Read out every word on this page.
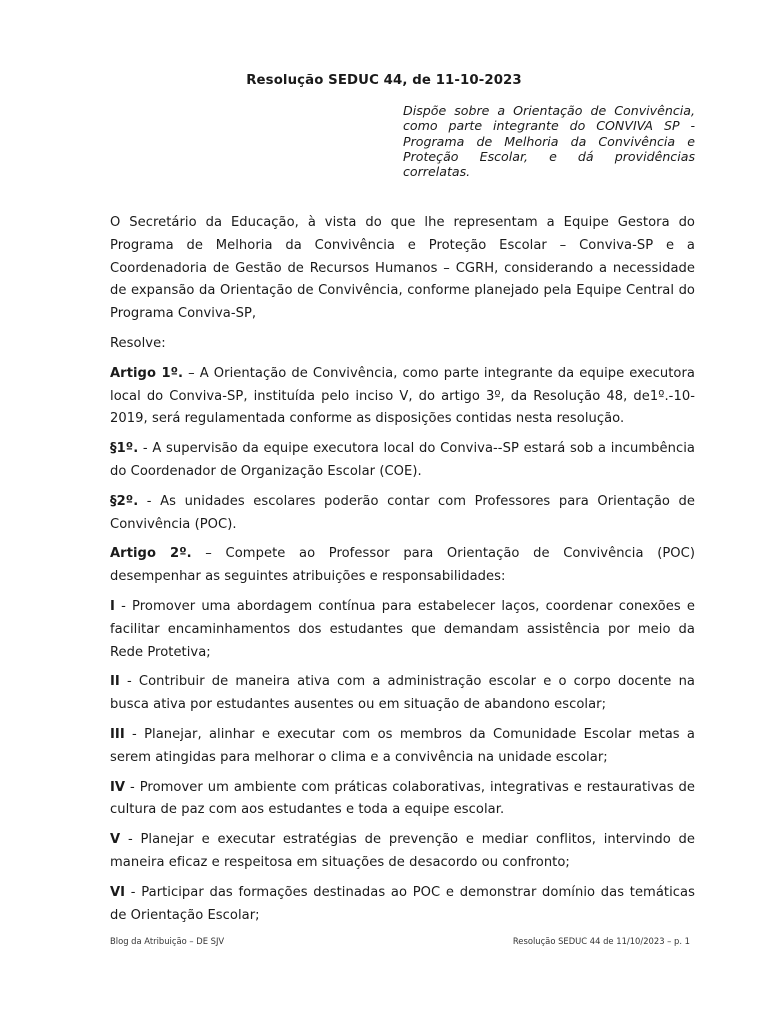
Resolução SEDUC 44, de 11-10-2023
Dispõe sobre a Orientação de Convivência, como parte integrante do CONVIVA SP - Programa de Melhoria da Convivência e Proteção Escolar, e dá providências correlatas.

O Secretário da Educação, à vista do que lhe representam a Equipe Gestora do Programa de Melhoria da Convivência e Proteção Escolar – Conviva-SP e a Coordenadoria de Gestão de Recursos Humanos – CGRH, considerando a necessidade de expansão da Orientação de Convivência, conforme planejado pela Equipe Central do Programa Conviva-SP,

Resolve:

Artigo 1º. – A Orientação de Convivência, como parte integrante da equipe executora local do Conviva-SP, instituída pelo inciso V, do artigo 3º, da Resolução 48, de1º.-10-2019, será regulamentada conforme as disposições contidas nesta resolução.

§1º. - A supervisão da equipe executora local do Conviva--SP estará sob a incumbência do Coordenador de Organização Escolar (COE).

§2º. - As unidades escolares poderão contar com Professores para Orientação de Convivência (POC).

Artigo 2º. – Compete ao Professor para Orientação de Convivência (POC) desempenhar as seguintes atribuições e responsabilidades:

I - Promover uma abordagem contínua para estabelecer laços, coordenar conexões e facilitar encaminhamentos dos estudantes que demandam assistência por meio da Rede Protetiva;

II - Contribuir de maneira ativa com a administração escolar e o corpo docente na busca ativa por estudantes ausentes ou em situação de abandono escolar;

III - Planejar, alinhar e executar com os membros da Comunidade Escolar metas a serem atingidas para melhorar o clima e a convivência na unidade escolar;

IV - Promover um ambiente com práticas colaborativas, integrativas e restaurativas de cultura de paz com aos estudantes e toda a equipe escolar.

V - Planejar e executar estratégias de prevenção e mediar conflitos, intervindo de maneira eficaz e respeitosa em situações de desacordo ou confronto;

VI - Participar das formações destinadas ao POC e demonstrar domínio das temáticas de Orientação Escolar;

Blog da Atribuição – DE SJV	Resolução SEDUC 44 de 11/10/2023 – p. 1
